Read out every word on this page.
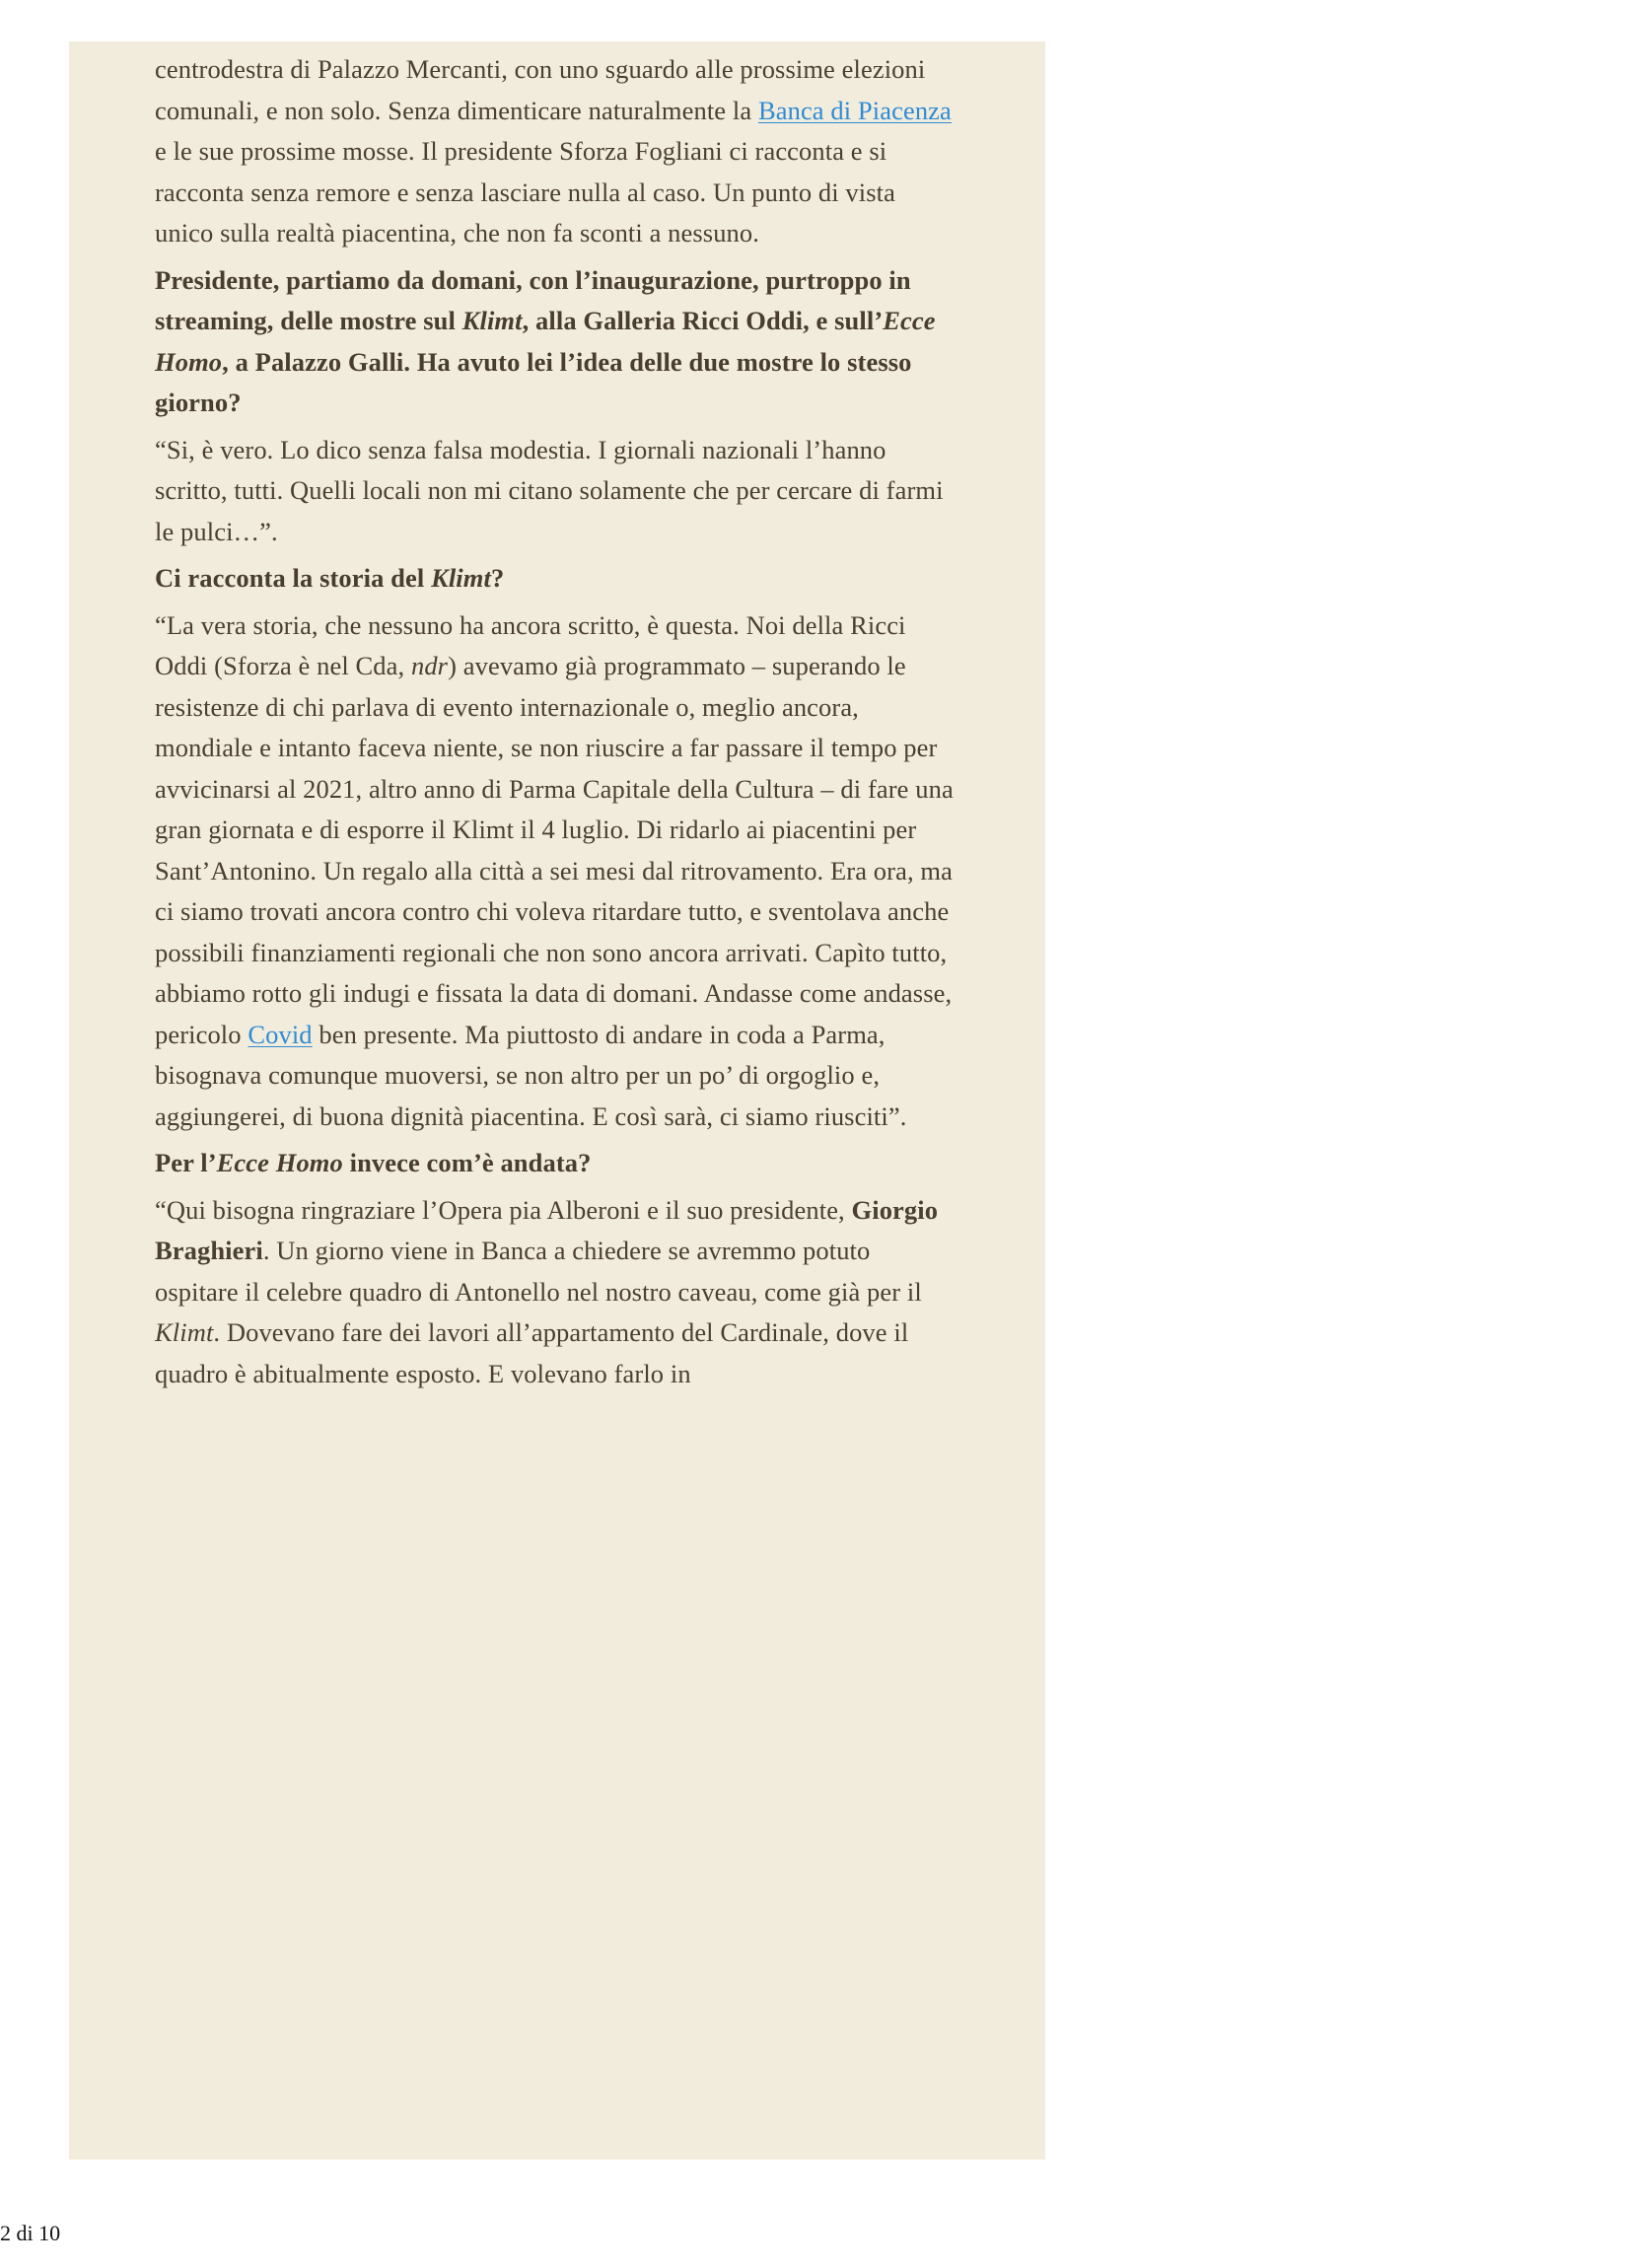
centrodestra di Palazzo Mercanti, con uno sguardo alle prossime elezioni comunali, e non solo. Senza dimenticare naturalmente la Banca di Piacenza e le sue prossime mosse. Il presidente Sforza Fogliani ci racconta e si racconta senza remore e senza lasciare nulla al caso. Un punto di vista unico sulla realtà piacentina, che non fa sconti a nessuno.

Presidente, partiamo da domani, con l’inaugurazione, purtroppo in streaming, delle mostre sul Klimt, alla Galleria Ricci Oddi, e sull’Ecce Homo, a Palazzo Galli. Ha avuto lei l’idea delle due mostre lo stesso giorno?

“Si, è vero. Lo dico senza falsa modestia. I giornali nazionali l’hanno scritto, tutti. Quelli locali non mi citano solamente che per cercare di farmi le pulci…”.

Ci racconta la storia del Klimt?

“La vera storia, che nessuno ha ancora scritto, è questa. Noi della Ricci Oddi (Sforza è nel Cda, ndr) avevamo già programmato – superando le resistenze di chi parlava di evento internazionale o, meglio ancora, mondiale e intanto faceva niente, se non riuscire a far passare il tempo per avvicinarsi al 2021, altro anno di Parma Capitale della Cultura – di fare una gran giornata e di esporre il Klimt il 4 luglio. Di ridarlo ai piacentini per Sant’Antonino. Un regalo alla città a sei mesi dal ritrovamento. Era ora, ma ci siamo trovati ancora contro chi voleva ritardare tutto, e sventolava anche possibili finanziamenti regionali che non sono ancora arrivati. Capìto tutto, abbiamo rotto gli indugi e fissata la data di domani. Andasse come andasse, pericolo Covid ben presente. Ma piuttosto di andare in coda a Parma, bisognava comunque muoversi, se non altro per un po’ di orgoglio e, aggiungerei, di buona dignità piacentina. E così sarà, ci siamo riusciti”.

Per l’Ecce Homo invece com’è andata?

“Qui bisogna ringraziare l’Opera pia Alberoni e il suo presidente, Giorgio Braghieri. Un giorno viene in Banca a chiedere se avremmo potuto ospitare il celebre quadro di Antonello nel nostro caveau, come già per il Klimt. Dovevano fare dei lavori all’appartamento del Cardinale, dove il quadro è abitualmente esposto. E volevano farlo in

2 di 10
